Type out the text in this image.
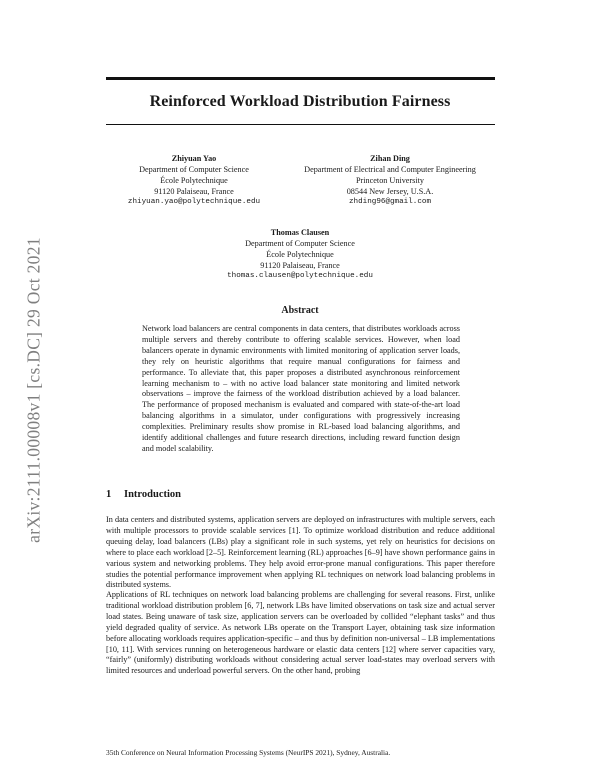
arXiv:2111.00008v1 [cs.DC] 29 Oct 2021
Reinforced Workload Distribution Fairness
Zhiyuan Yao
Department of Computer Science
École Polytechnique
91120 Palaiseau, France
zhiyuan.yao@polytechnique.edu
Zihan Ding
Department of Electrical and Computer Engineering
Princeton University
08544 New Jersey, U.S.A.
zhding96@gmail.com
Thomas Clausen
Department of Computer Science
École Polytechnique
91120 Palaiseau, France
thomas.clausen@polytechnique.edu
Abstract

Network load balancers are central components in data centers, that distributes workloads across multiple servers and thereby contribute to offering scalable services. However, when load balancers operate in dynamic environments with limited monitoring of application server loads, they rely on heuristic algorithms that require manual configurations for fairness and performance. To alleviate that, this paper proposes a distributed asynchronous reinforcement learning mechanism to – with no active load balancer state monitoring and limited network observations – improve the fairness of the workload distribution achieved by a load balancer. The performance of proposed mechanism is evaluated and compared with state-of-the-art load balancing algorithms in a simulator, under configurations with progressively increasing complexities. Preliminary results show promise in RL-based load balancing algorithms, and identify additional challenges and future research directions, including reward function design and model scalability.

1 Introduction

In data centers and distributed systems, application servers are deployed on infrastructures with multiple servers, each with multiple processors to provide scalable services [1]. To optimize workload distribution and reduce additional queuing delay, load balancers (LBs) play a significant role in such systems, yet rely on heuristics for decisions on where to place each workload [2–5]. Reinforcement learning (RL) approaches [6–9] have shown performance gains in various system and networking problems. They help avoid error-prone manual configurations. This paper therefore studies the potential performance improvement when applying RL techniques on network load balancing problems in distributed systems.

Applications of RL techniques on network load balancing problems are challenging for several reasons. First, unlike traditional workload distribution problem [6, 7], network LBs have limited observations on task size and actual server load states. Being unaware of task size, application servers can be overloaded by collided “elephant tasks” and thus yield degraded quality of service. As network LBs operate on the Transport Layer, obtaining task size information before allocating workloads requires application-specific – and thus by definition non-universal – LB implementations [10, 11]. With services running on heterogeneous hardware or elastic data centers [12] where server capacities vary, “fairly” (uniformly) distributing workloads without considering actual server load-states may overload servers with limited resources and underload powerful servers. On the other hand, probing

35th Conference on Neural Information Processing Systems (NeurIPS 2021), Sydney, Australia.
